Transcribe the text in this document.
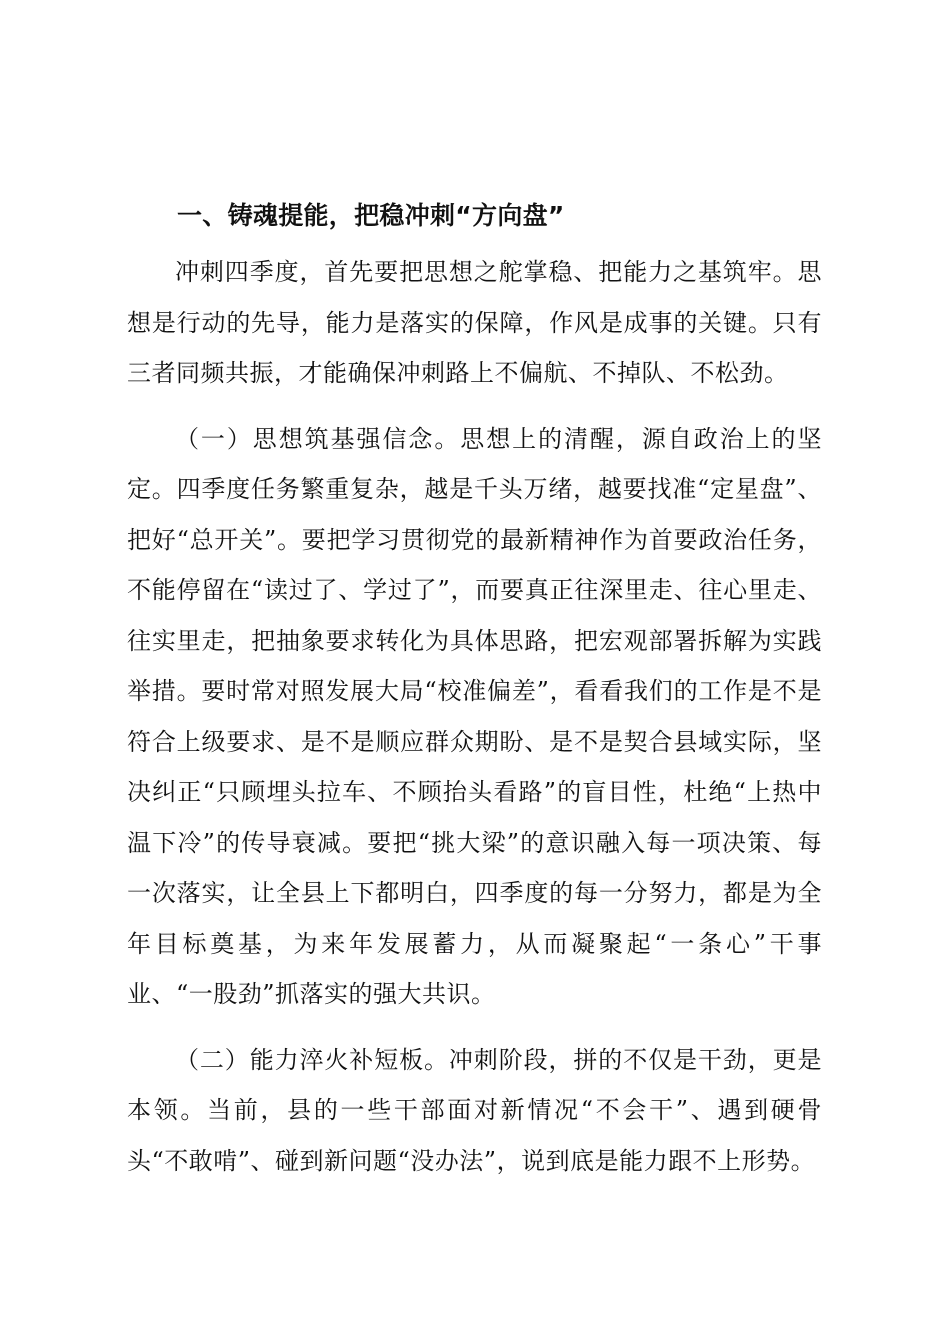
一、铸魂提能，把稳冲刺“方向盘”

冲刺四季度，首先要把思想之舵掌稳、把能力之基筑牢。思想是行动的先导，能力是落实的保障，作风是成事的关键。只有三者同频共振，才能确保冲刺路上不偏航、不掉队、不松劲。

（一）思想筑基强信念。思想上的清醒，源自政治上的坚定。四季度任务繁重复杂，越是千头万绪，越要找准“定星盘”、把好“总开关”。要把学习贯彻党的最新精神作为首要政治任务，不能停留在“读过了、学过了”，而要真正往深里走、往心里走、往实里走，把抽象要求转化为具体思路，把宏观部署拆解为实践举措。要时常对照发展大局“校准偏差”，看看我们的工作是不是符合上级要求、是不是顺应群众期盼、是不是契合县域实际，坚决纠正“只顾埋头拉车、不顾抬头看路”的盲目性，杜绝“上热中温下冷”的传导衰减。要把“挑大梁”的意识融入每一项决策、每一次落实，让全县上下都明白，四季度的每一分努力，都是为全年目标奠基，为来年发展蓄力，从而凝聚起“一条心”干事业、“一股劲”抓落实的强大共识。

（二）能力淬火补短板。冲刺阶段，拼的不仅是干劲，更是本领。当前，县的一些干部面对新情况“不会干”、遇到硬骨头“不敢啃”、碰到新问题“没办法”，说到底是能力跟不上形势。
